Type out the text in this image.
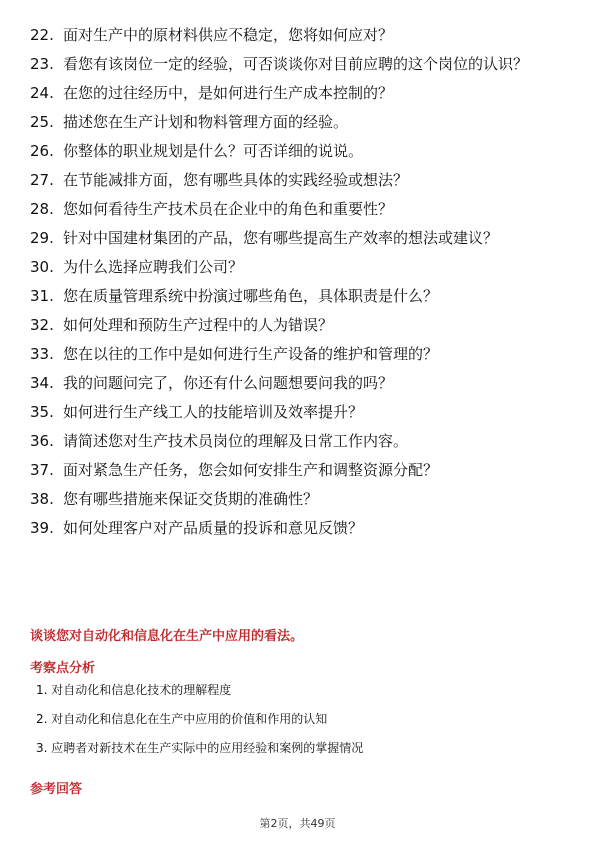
22. 面对生产中的原材料供应不稳定，您将如何应对？
23. 看您有该岗位一定的经验，可否谈谈你对目前应聘的这个岗位的认识？
24. 在您的过往经历中，是如何进行生产成本控制的？
25. 描述您在生产计划和物料管理方面的经验。
26. 你整体的职业规划是什么？可否详细的说说。
27. 在节能减排方面，您有哪些具体的实践经验或想法？
28. 您如何看待生产技术员在企业中的角色和重要性？
29. 针对中国建材集团的产品，您有哪些提高生产效率的想法或建议？
30. 为什么选择应聘我们公司？
31. 您在质量管理系统中扮演过哪些角色，具体职责是什么？
32. 如何处理和预防生产过程中的人为错误？
33. 您在以往的工作中是如何进行生产设备的维护和管理的？
34. 我的问题问完了，你还有什么问题想要问我的吗？
35. 如何进行生产线工人的技能培训及效率提升？
36. 请简述您对生产技术员岗位的理解及日常工作内容。
37. 面对紧急生产任务，您会如何安排生产和调整资源分配？
38. 您有哪些措施来保证交货期的准确性？
39. 如何处理客户对产品质量的投诉和意见反馈？
谈谈您对自动化和信息化在生产中应用的看法。
考察点分析
1. 对自动化和信息化技术的理解程度
2. 对自动化和信息化在生产中应用的价值和作用的认知
3. 应聘者对新技术在生产实际中的应用经验和案例的掌握情况
参考回答
第2页，共49页
